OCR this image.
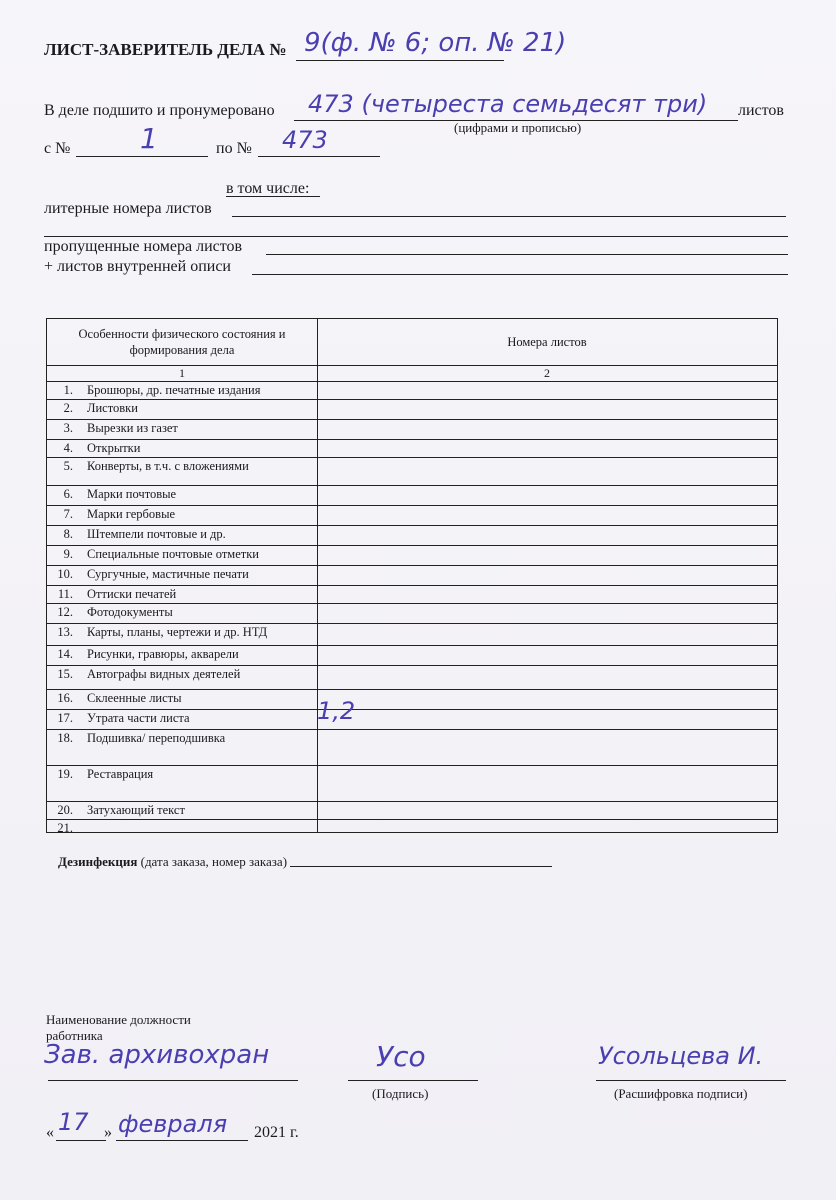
ЛИСТ-ЗАВЕРИТЕЛЬ ДЕЛА № 9(ф. № 6; оп. № 21)
В деле подшито и пронумеровано 473 (четыреста семьдесят три) листов
(цифрами и прописью)
с № 1	по № 473
в том числе:
литерные номера листов
пропущенные номера листов
+ листов внутренней описи
Особенности физического состояния и формирования дела
Номера листов
1	2
1. Брошюры, др. печатные издания
2. Листовки
3. Вырезки из газет
4. Открытки
5. Конверты, в т.ч. с вложениями
6. Марки почтовые
7. Марки гербовые
8. Штемпели почтовые и др.
9. Специальные почтовые отметки
10. Сургучные, мастичные печати
11. Оттиски печатей
12. Фотодокументы
13. Карты, планы, чертежи и др. НТД
14. Рисунки, гравюры, акварели
15. Автографы видных деятелей
16. Склеенные листы
17. Утрата части листа	1,2
18. Подшивка/ переподшивка
19. Реставрация
20. Затухающий текст
21.
Дезинфекция (дата заказа, номер заказа)
Наименование должности
работника
Зав. архивохран	Усо
(Подпись)
Усольцева И.
(Расшифровка подписи)
« 17 » февраля 2021 г.
